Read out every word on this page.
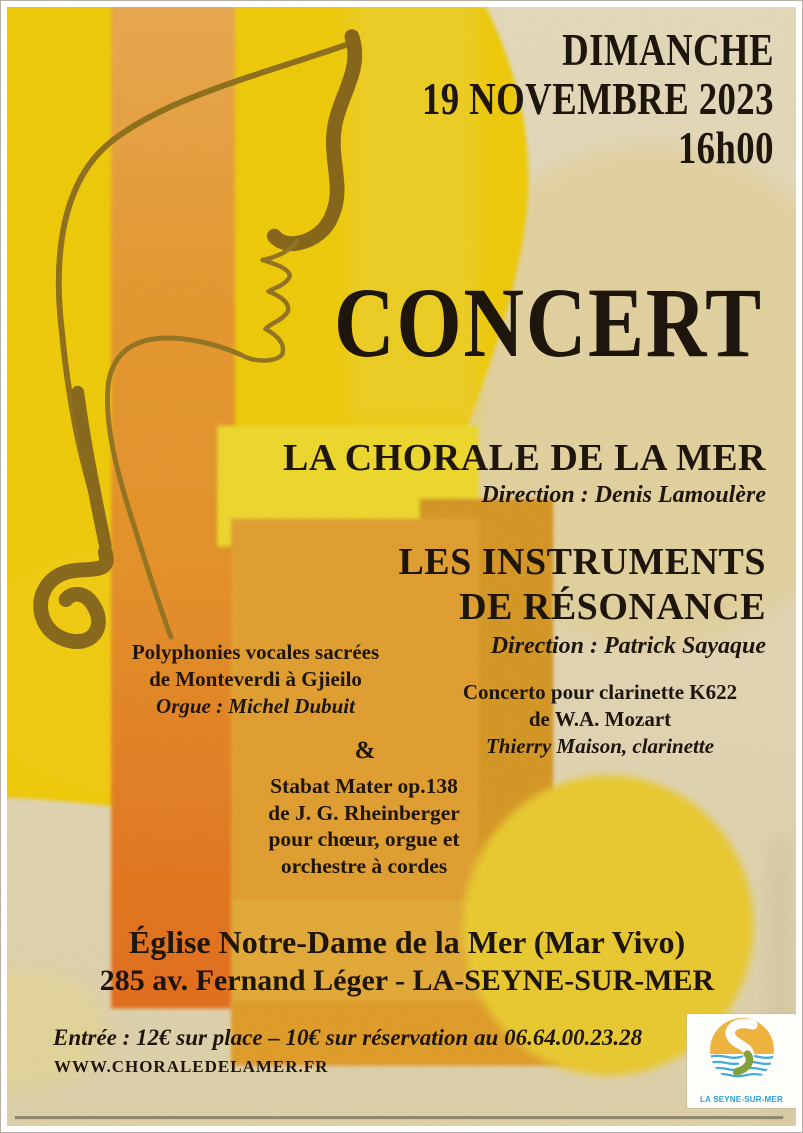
DIMANCHE
19 NOVEMBRE 2023
16h00
CONCERT
LA CHORALE DE LA MER
Direction : Denis Lamoulère
LES INSTRUMENTS
DE RÉSONANCE
Direction : Patrick Sayaque
Polyphonies vocales sacrées
de Monteverdi à Gjieilo
Orgue : Michel Dubuit
Concerto pour clarinette K622
de W.A. Mozart
Thierry Maison, clarinette
&
Stabat Mater op.138
de J. G. Rheinberger
pour chœur, orgue et
orchestre à cordes
Église Notre-Dame de la Mer (Mar Vivo)
285 av. Fernand Léger - LA-SEYNE-SUR-MER
Entrée : 12€ sur place – 10€ sur réservation au 06.64.00.23.28
WWW.CHORALEDELAMER.FR
LA SEYNE-SUR-MER
